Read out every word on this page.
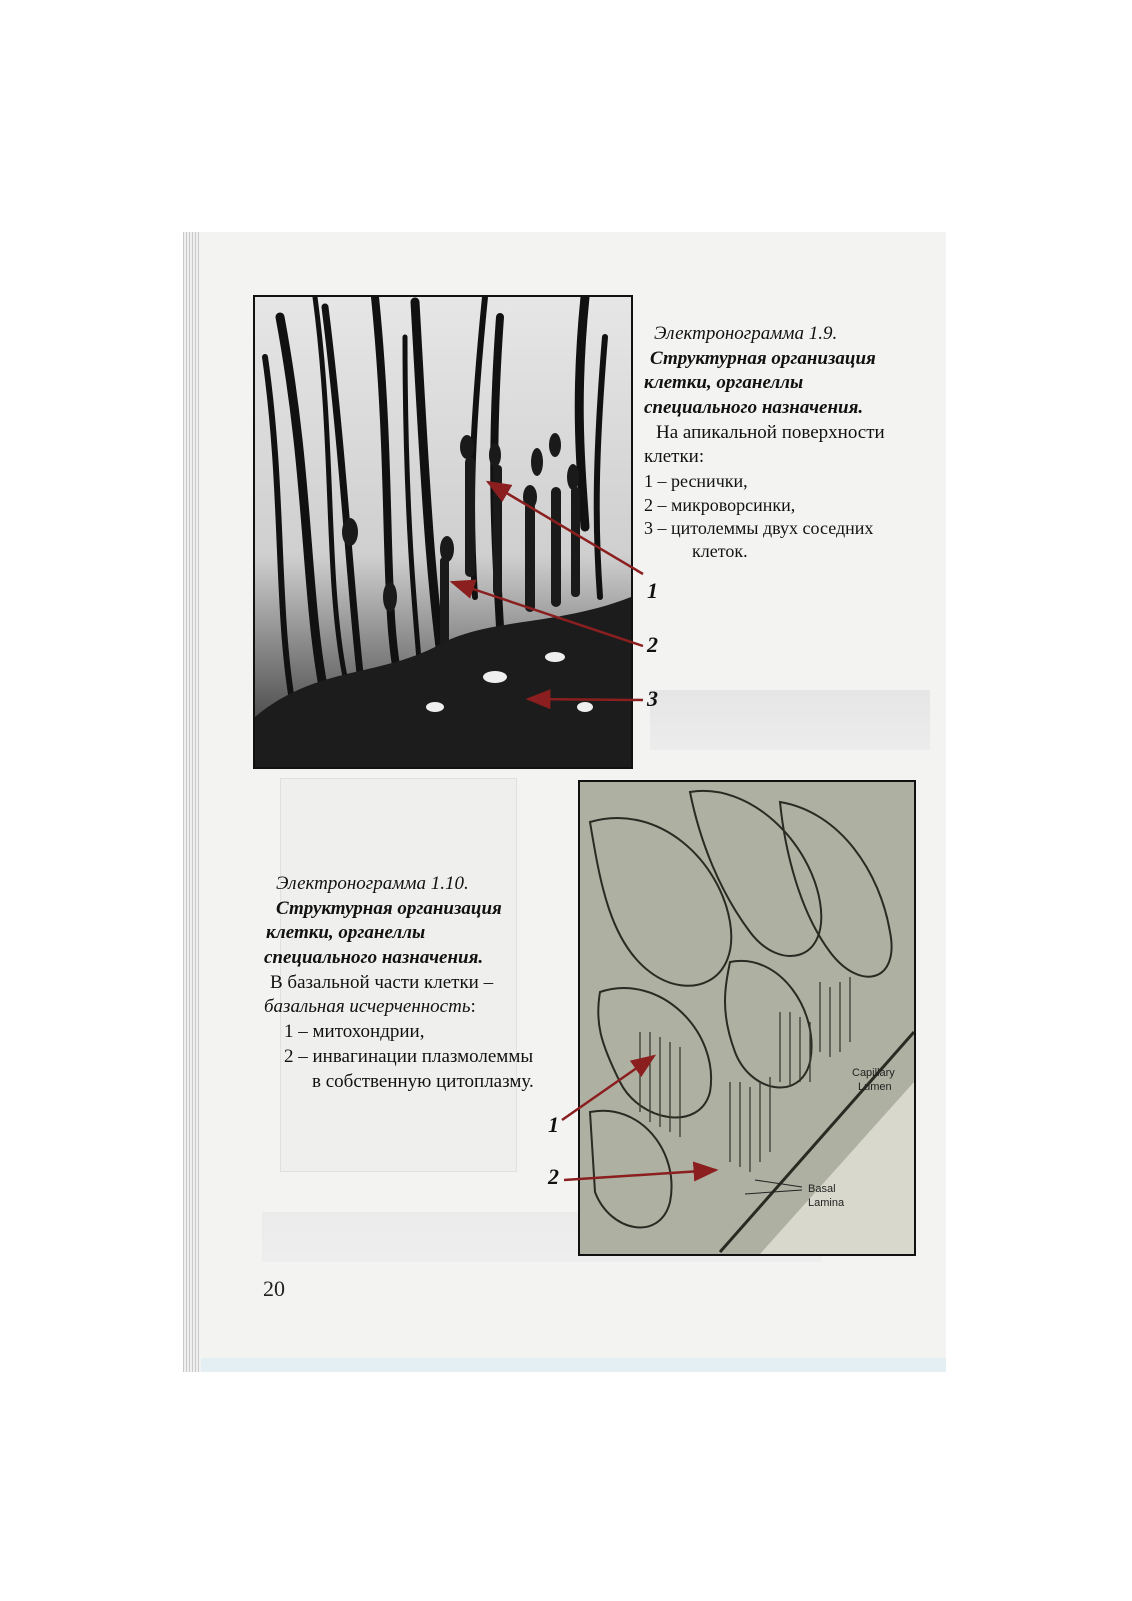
Capillary
Lumen
Basal
Lamina
Электронограмма 1.9.
Структурная организация
клетки, органеллы
специального назначения.
На апикальной поверхности
клетки:
1 – реснички,
2 – микроворсинки,
3 – цитолеммы двух соседних
клеток.
Электронограмма 1.10.
Структурная организация
клетки, органеллы
специального назначения.
В базальной части клетки –
базальная исчерченность:
1 – митохондрии,
2 – инвагинации плазмолеммы
в собственную цитоплазму.
1
2
3
1
2
20
